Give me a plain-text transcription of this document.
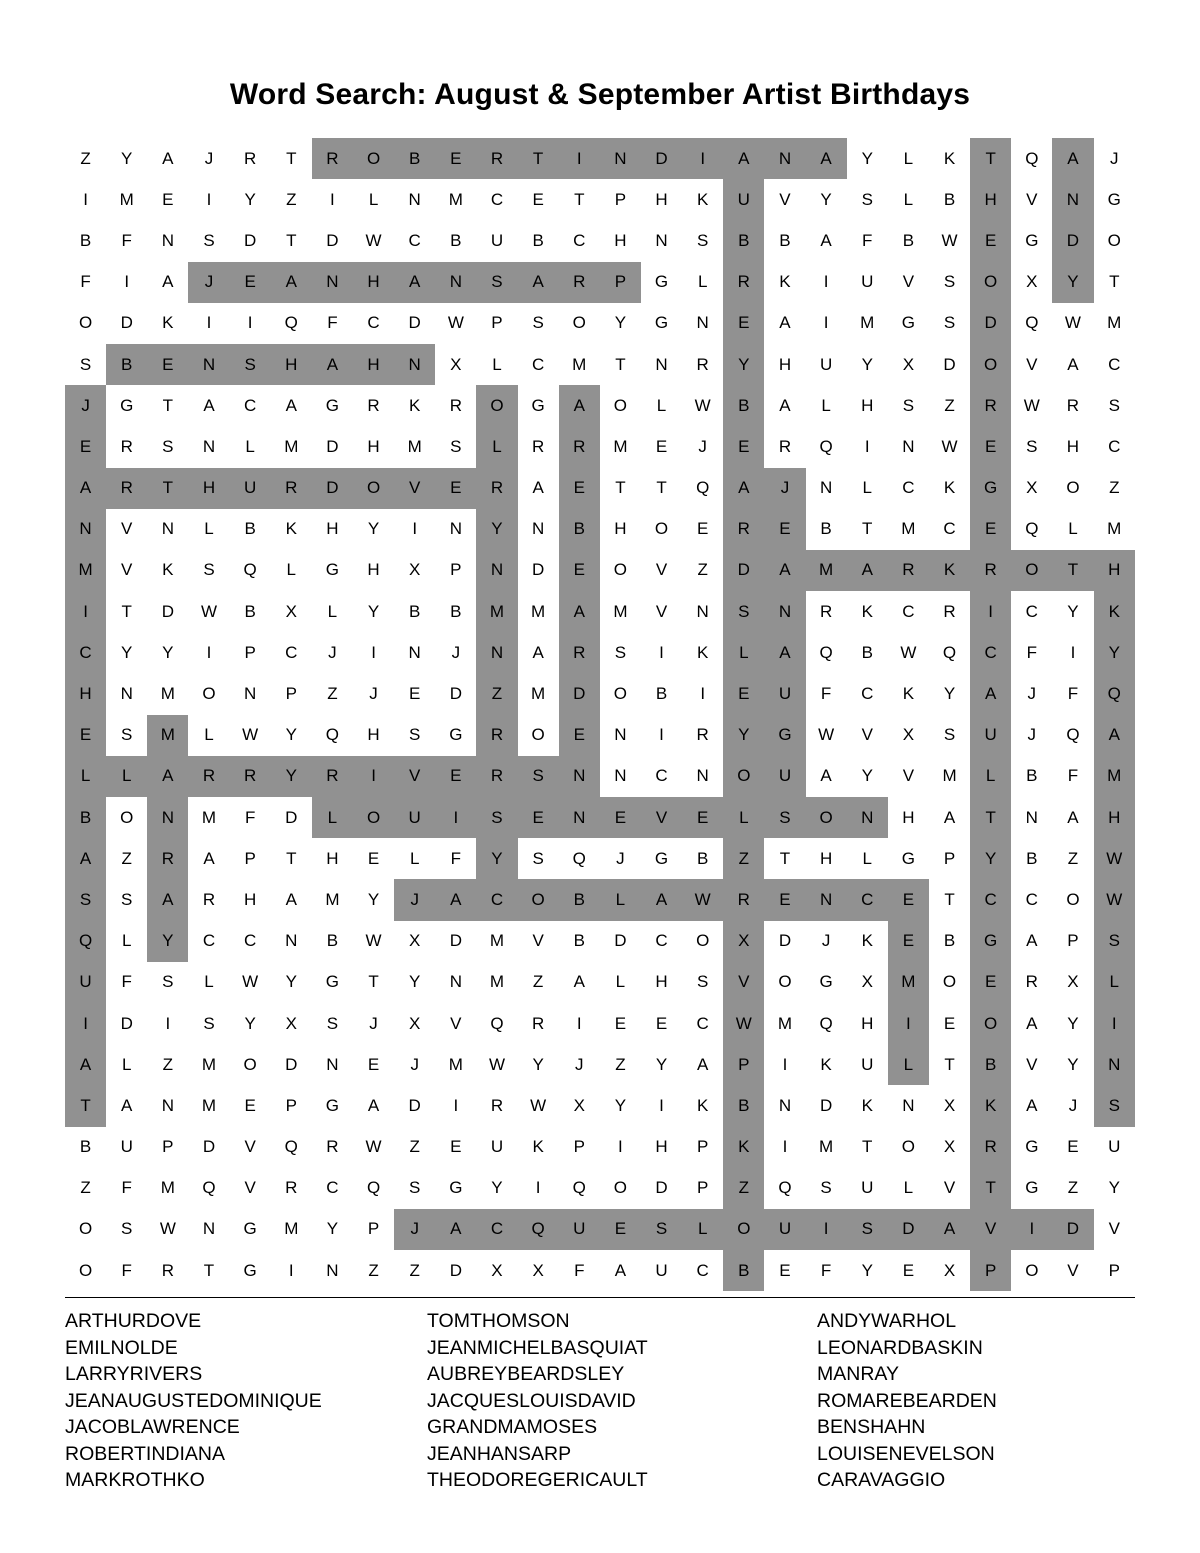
Word Search: August & September Artist Birthdays
Z	Y	A	J	R	T	R	O	B	E	R	T	I	N	D	I	A	N	A	Y	L	K	T	Q	A	J
I	M	E	I	Y	Z	I	L	N	M	C	E	T	P	H	K	U	V	Y	S	L	B	H	V	N	G
B	F	N	S	D	T	D	W	C	B	U	B	C	H	N	S	B	B	A	F	B	W	E	G	D	O
F	I	A	J	E	A	N	H	A	N	S	A	R	P	G	L	R	K	I	U	V	S	O	X	Y	T
O	D	K	I	I	Q	F	C	D	W	P	S	O	Y	G	N	E	A	I	M	G	S	D	Q	W	M
S	B	E	N	S	H	A	H	N	X	L	C	M	T	N	R	Y	H	U	Y	X	D	O	V	A	C
J	G	T	A	C	A	G	R	K	R	O	G	A	O	L	W	B	A	L	H	S	Z	R	W	R	S
E	R	S	N	L	M	D	H	M	S	L	R	R	M	E	J	E	R	Q	I	N	W	E	S	H	C
A	R	T	H	U	R	D	O	V	E	R	A	E	T	T	Q	A	J	N	L	C	K	G	X	O	Z
N	V	N	L	B	K	H	Y	I	N	Y	N	B	H	O	E	R	E	B	T	M	C	E	Q	L	M
M	V	K	S	Q	L	G	H	X	P	N	D	E	O	V	Z	D	A	M	A	R	K	R	O	T	H
I	T	D	W	B	X	L	Y	B	B	M	M	A	M	V	N	S	N	R	K	C	R	I	C	Y	K
C	Y	Y	I	P	C	J	I	N	J	N	A	R	S	I	K	L	A	Q	B	W	Q	C	F	I	Y
H	N	M	O	N	P	Z	J	E	D	Z	M	D	O	B	I	E	U	F	C	K	Y	A	J	F	Q
E	S	M	L	W	Y	Q	H	S	G	R	O	E	N	I	R	Y	G	W	V	X	S	U	J	Q	A
L	L	A	R	R	Y	R	I	V	E	R	S	N	N	C	N	O	U	A	Y	V	M	L	B	F	M
B	O	N	M	F	D	L	O	U	I	S	E	N	E	V	E	L	S	O	N	H	A	T	N	A	H
A	Z	R	A	P	T	H	E	L	F	Y	S	Q	J	G	B	Z	T	H	L	G	P	Y	B	Z	W
S	S	A	R	H	A	M	Y	J	A	C	O	B	L	A	W	R	E	N	C	E	T	C	C	O	W
Q	L	Y	C	C	N	B	W	X	D	M	V	B	D	C	O	X	D	J	K	E	B	G	A	P	S
U	F	S	L	W	Y	G	T	Y	N	M	Z	A	L	H	S	V	O	G	X	M	O	E	R	X	L
I	D	I	S	Y	X	S	J	X	V	Q	R	I	E	E	C	W	M	Q	H	I	E	O	A	Y	I
A	L	Z	M	O	D	N	E	J	M	W	Y	J	Z	Y	A	P	I	K	U	L	T	B	V	Y	N
T	A	N	M	E	P	G	A	D	I	R	W	X	Y	I	K	B	N	D	K	N	X	K	A	J	S
B	U	P	D	V	Q	R	W	Z	E	U	K	P	I	H	P	K	I	M	T	O	X	R	G	E	U
Z	F	M	Q	V	R	C	Q	S	G	Y	I	Q	O	D	P	Z	Q	S	U	L	V	T	G	Z	Y
O	S	W	N	G	M	Y	P	J	A	C	Q	U	E	S	L	O	U	I	S	D	A	V	I	D	V
O	F	R	T	G	I	N	Z	Z	D	X	X	F	A	U	C	B	E	F	Y	E	X	P	O	V	P
ARTHURDOVE
EMILNOLDE
LARRYRIVERS
JEANAUGUSTEDOMINIQUE
JACOBLAWRENCE
ROBERTINDIANA
MARKROTHKO
TOMTHOMSON
JEANMICHELBASQUIAT
AUBREYBEARDSLEY
JACQUESLOUISDAVID
GRANDMAMOSES
JEANHANSARP
THEODOREGERICAULT
ANDYWARHOL
LEONARDBASKIN
MANRAY
ROMAREBEARDEN
BENSHAHN
LOUISENEVELSON
CARAVAGGIO
